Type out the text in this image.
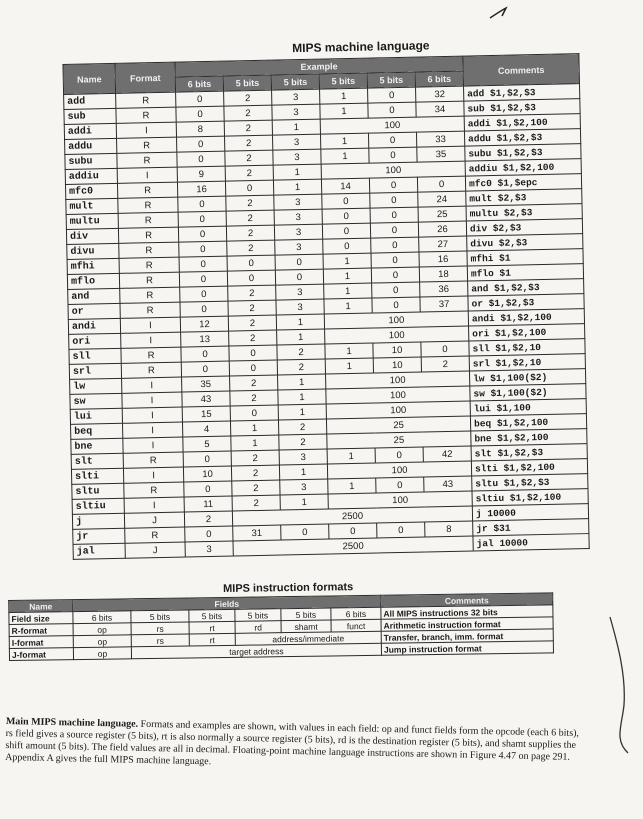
MIPS machine language
Name	Format	Example						Comments
		6 bits	5 bits	5 bits	5 bits	5 bits	6 bits	
add	R	0	2	3	1	0	32	add $1,$2,$3
sub	R	0	2	3	1	0	34	sub $1,$2,$3
addi	I	8	2	1	100			addi $1,$2,100
addu	R	0	2	3	1	0	33	addu $1,$2,$3
subu	R	0	2	3	1	0	35	subu $1,$2,$3
addiu	I	9	2	1	100			addiu $1,$2,100
mfc0	R	16	0	1	14	0	0	mfc0 $1,$epc
mult	R	0	2	3	0	0	24	mult $2,$3
multu	R	0	2	3	0	0	25	multu $2,$3
div	R	0	2	3	0	0	26	div $2,$3
divu	R	0	2	3	0	0	27	divu $2,$3
mfhi	R	0	0	0	1	0	16	mfhi $1
mflo	R	0	0	0	1	0	18	mflo $1
and	R	0	2	3	1	0	36	and $1,$2,$3
or	R	0	2	3	1	0	37	or $1,$2,$3
andi	I	12	2	1	100			andi $1,$2,100
ori	I	13	2	1	100			ori $1,$2,100
sll	R	0	0	2	1	10	0	sll $1,$2,10
srl	R	0	0	2	1	10	2	srl $1,$2,10
lw	I	35	2	1	100			lw $1,100($2)
sw	I	43	2	1	100			sw $1,100($2)
lui	I	15	0	1	100			lui $1,100
beq	I	4	1	2	25			beq $1,$2,100
bne	I	5	1	2	25			bne $1,$2,100
slt	R	0	2	3	1	0	42	slt $1,$2,$3
slti	I	10	2	1	100			slti $1,$2,100
sltu	R	0	2	3	1	0	43	sltu $1,$2,$3
sltiu	I	11	2	1	100			sltiu $1,$2,100
j	J	2	2500					j 10000
jr	R	0	31	0	0	0	8	jr $31
jal	J	3	2500					jal 10000
MIPS instruction formats
Name	Fields						Comments
Field size	6 bits	5 bits	5 bits	5 bits	5 bits	6 bits	All MIPS instructions 32 bits
R-format	op	rs	rt	rd	shamt	funct	Arithmetic instruction format
I-format	op	rs	rt	address/immediate			Transfer, branch, imm. format
J-format	op	target address					Jump instruction format
Main MIPS machine language. Formats and examples are shown, with values in each field: op and funct fields form the opcode (each 6 bits), rs field gives a source register (5 bits), rt is also normally a source register (5 bits), rd is the destination register (5 bits), and shamt supplies the shift amount (5 bits). The field values are all in decimal. Floating-point machine language instructions are shown in Figure 4.47 on page 291. Appendix A gives the full MIPS machine language.
